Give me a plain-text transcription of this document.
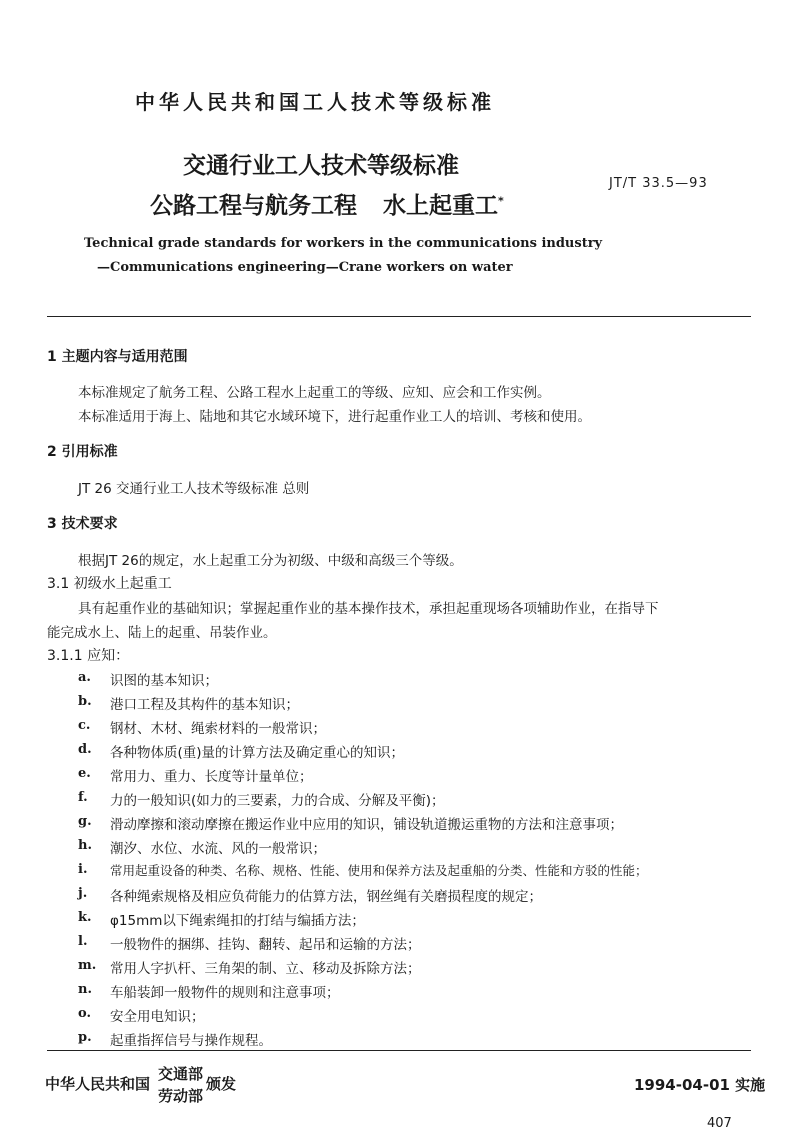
中华人民共和国工人技术等级标准
交通行业工人技术等级标准
公路工程与航务工程 水上起重工*
JT/T 33.5—93
Technical grade standards for workers in the communications industry
—Communications engineering—Crane workers on water
1 主题内容与适用范围
本标准规定了航务工程、公路工程水上起重工的等级、应知、应会和工作实例。
本标准适用于海上、陆地和其它水域环境下，进行起重作业工人的培训、考核和使用。
2 引用标准
JT 26 交通行业工人技术等级标准 总则
3 技术要求
根据JT 26的规定，水上起重工分为初级、中级和高级三个等级。
3.1 初级水上起重工
具有起重作业的基础知识；掌握起重作业的基本操作技术，承担起重现场各项辅助作业，在指导下
能完成水上、陆上的起重、吊装作业。
3.1.1 应知：
a. 识图的基本知识；
b. 港口工程及其构件的基本知识；
c. 钢材、木材、绳索材料的一般常识；
d. 各种物体质(重)量的计算方法及确定重心的知识；
e. 常用力、重力、长度等计量单位；
f. 力的一般知识(如力的三要素，力的合成、分解及平衡)；
g. 滑动摩擦和滚动摩擦在搬运作业中应用的知识，铺设轨道搬运重物的方法和注意事项；
h. 潮汐、水位、水流、风的一般常识；
i. 常用起重设备的种类、名称、规格、性能、使用和保养方法及起重船的分类、性能和方驳的性能；
j. 各种绳索规格及相应负荷能力的估算方法，钢丝绳有关磨损程度的规定；
k. φ15mm以下绳索绳扣的打结与编插方法；
l. 一般物件的捆绑、挂钩、翻转、起吊和运输的方法；
m. 常用人字扒杆、三角架的制、立、移动及拆除方法；
n. 车船装卸一般物件的规则和注意事项；
o. 安全用电知识；
p. 起重指挥信号与操作规程。
中华人民共和国
交通部
劳动部
颁发	1994-04-01 实施
407
